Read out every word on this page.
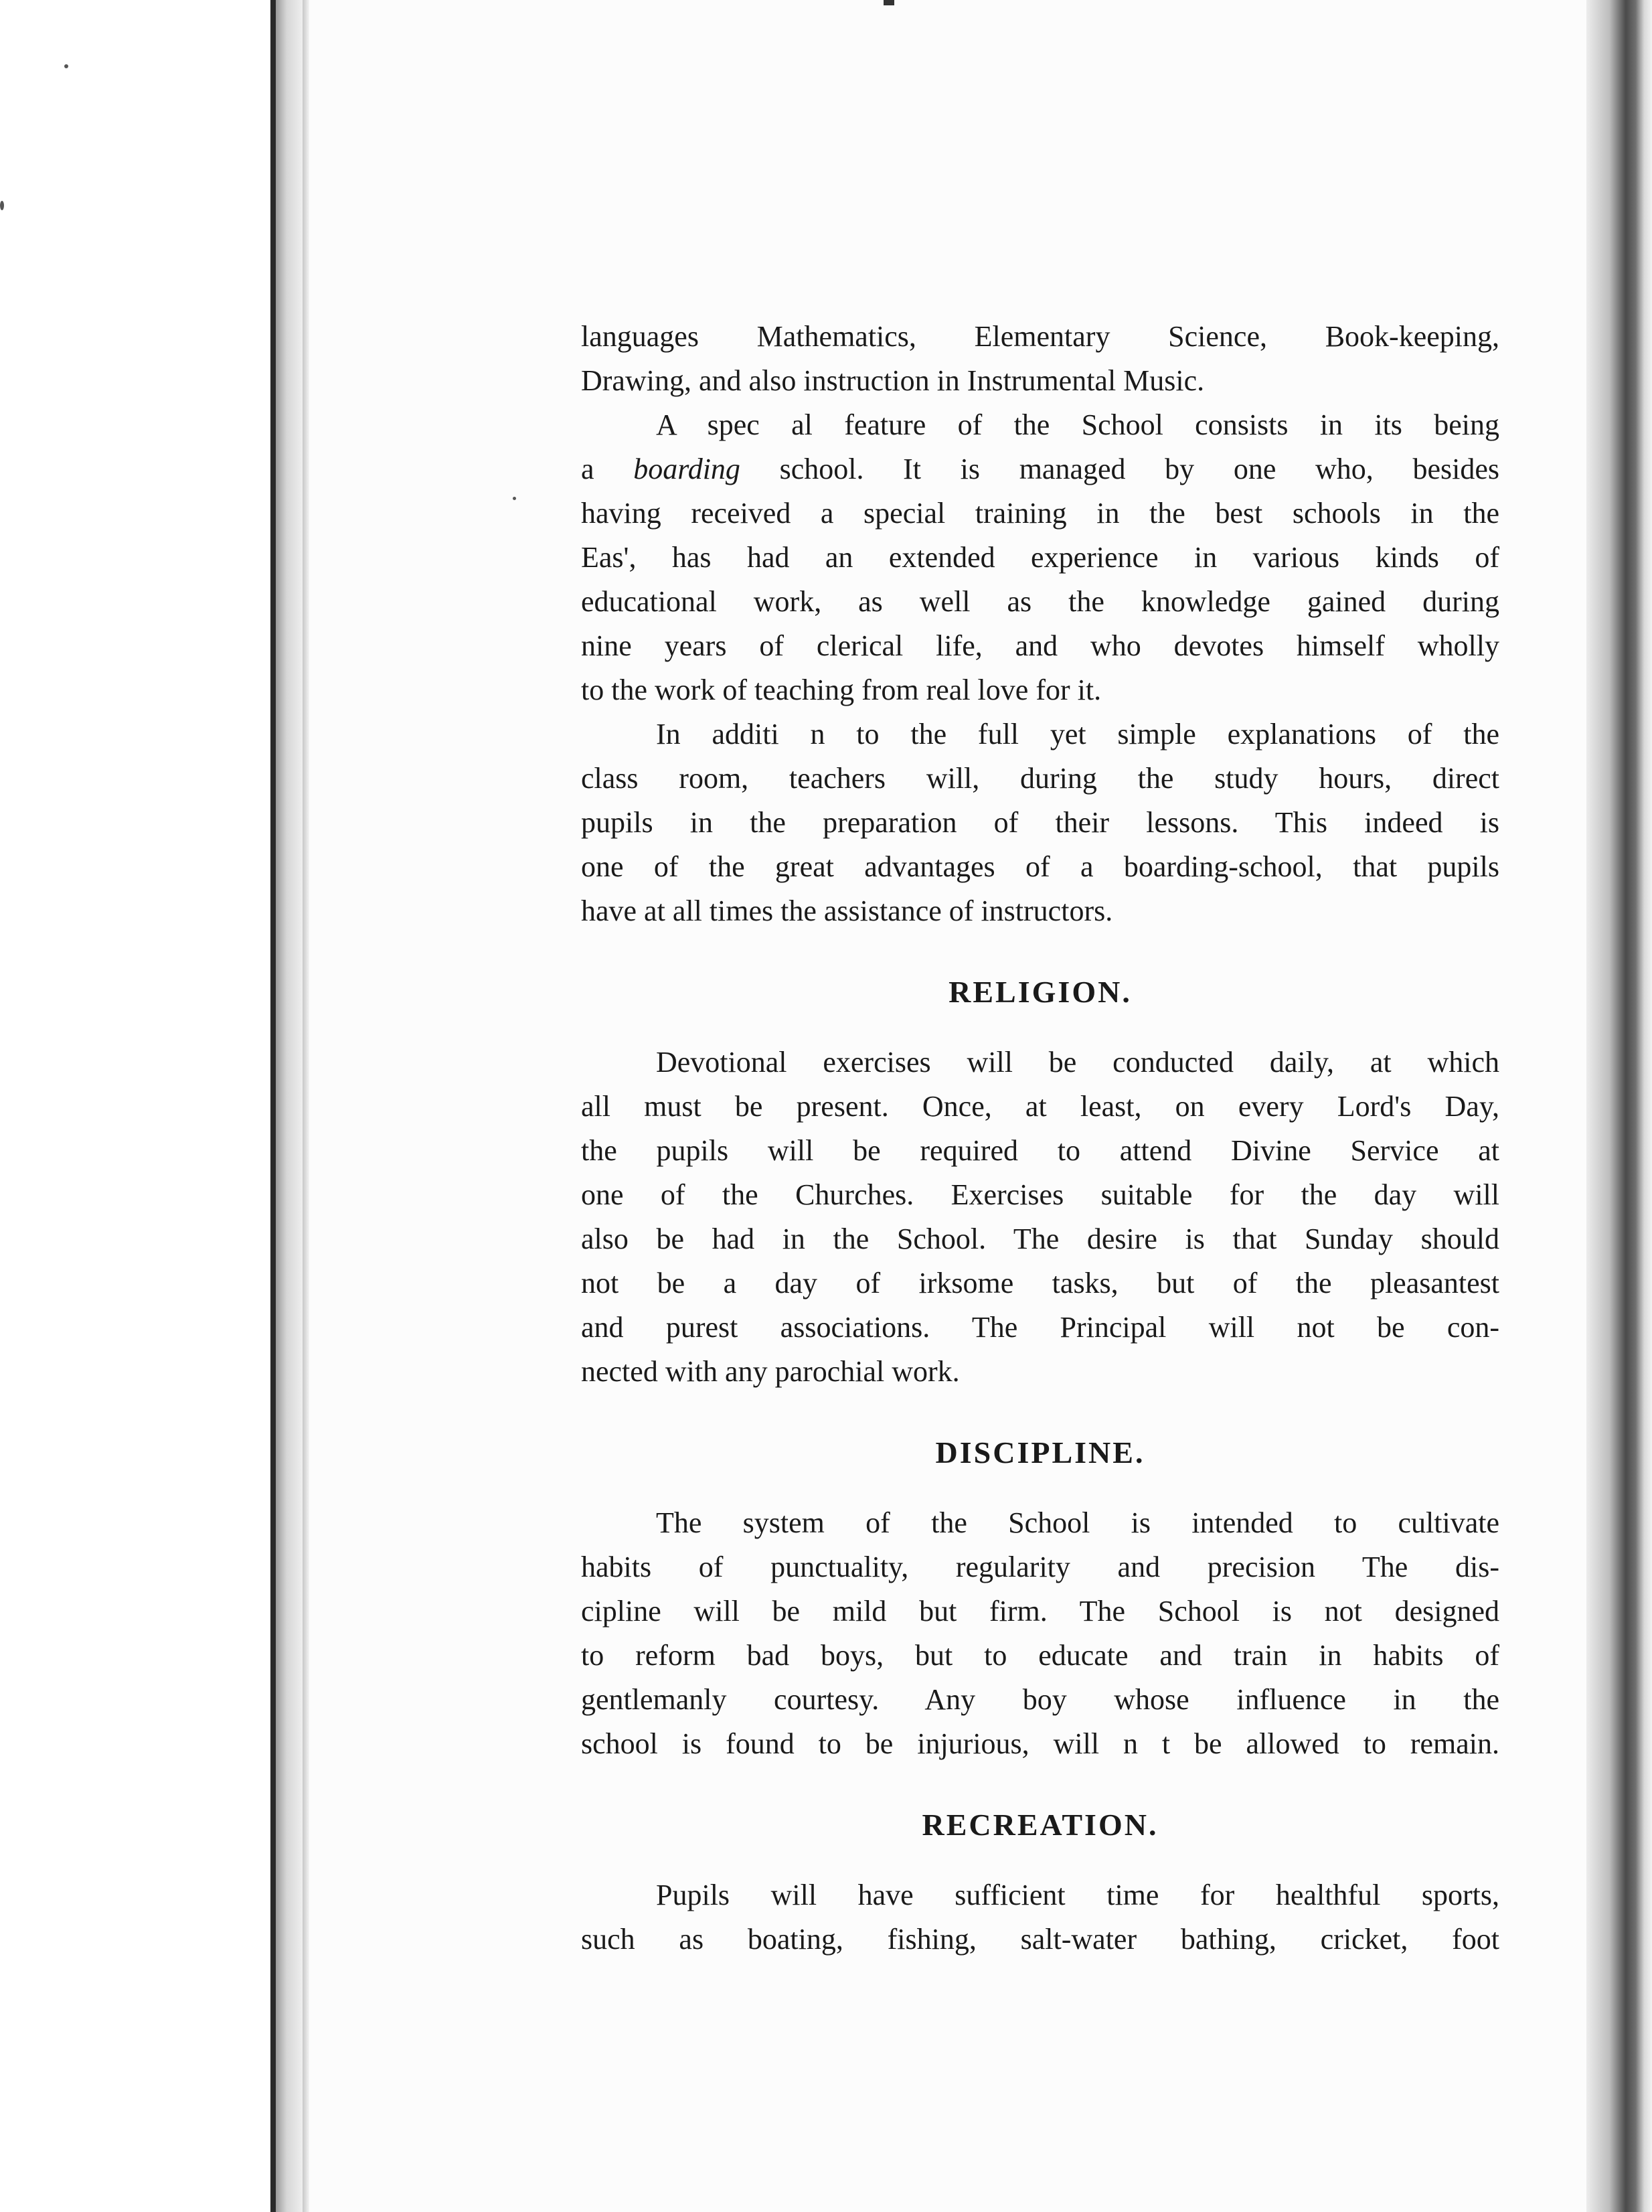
languages Mathematics, Elementary Science, Book-keeping,
Drawing, and also instruction in Instrumental Music.

A spec al feature of the School consists in its being
a boarding school. It is managed by one who, besides
having received a special training in the best schools in the
Eas', has had an extended experience in various kinds of
educational work, as well as the knowledge gained during
nine years of clerical life, and who devotes himself wholly
to the work of teaching from real love for it.

In additi n to the full yet simple explanations of the
class room, teachers will, during the study hours, direct
pupils in the preparation of their lessons. This indeed is
one of the great advantages of a boarding-school, that pupils
have at all times the assistance of instructors.

RELIGION.

Devotional exercises will be conducted daily, at which
all must be present. Once, at least, on every Lord's Day,
the pupils will be required to attend Divine Service at
one of the Churches. Exercises suitable for the day will
also be had in the School. The desire is that Sunday should
not be a day of irksome tasks, but of the pleasantest
and purest associations. The Principal will not be con-
nected with any parochial work.

DISCIPLINE.

The system of the School is intended to cultivate
habits of punctuality, regularity and precision The dis-
cipline will be mild but firm. The School is not designed
to reform bad boys, but to educate and train in habits of
gentlemanly courtesy. Any boy whose influence in the
school is found to be injurious, will n t be allowed to remain.

RECREATION.

Pupils will have sufficient time for healthful sports,
such as boating, fishing, salt-water bathing, cricket, foot
